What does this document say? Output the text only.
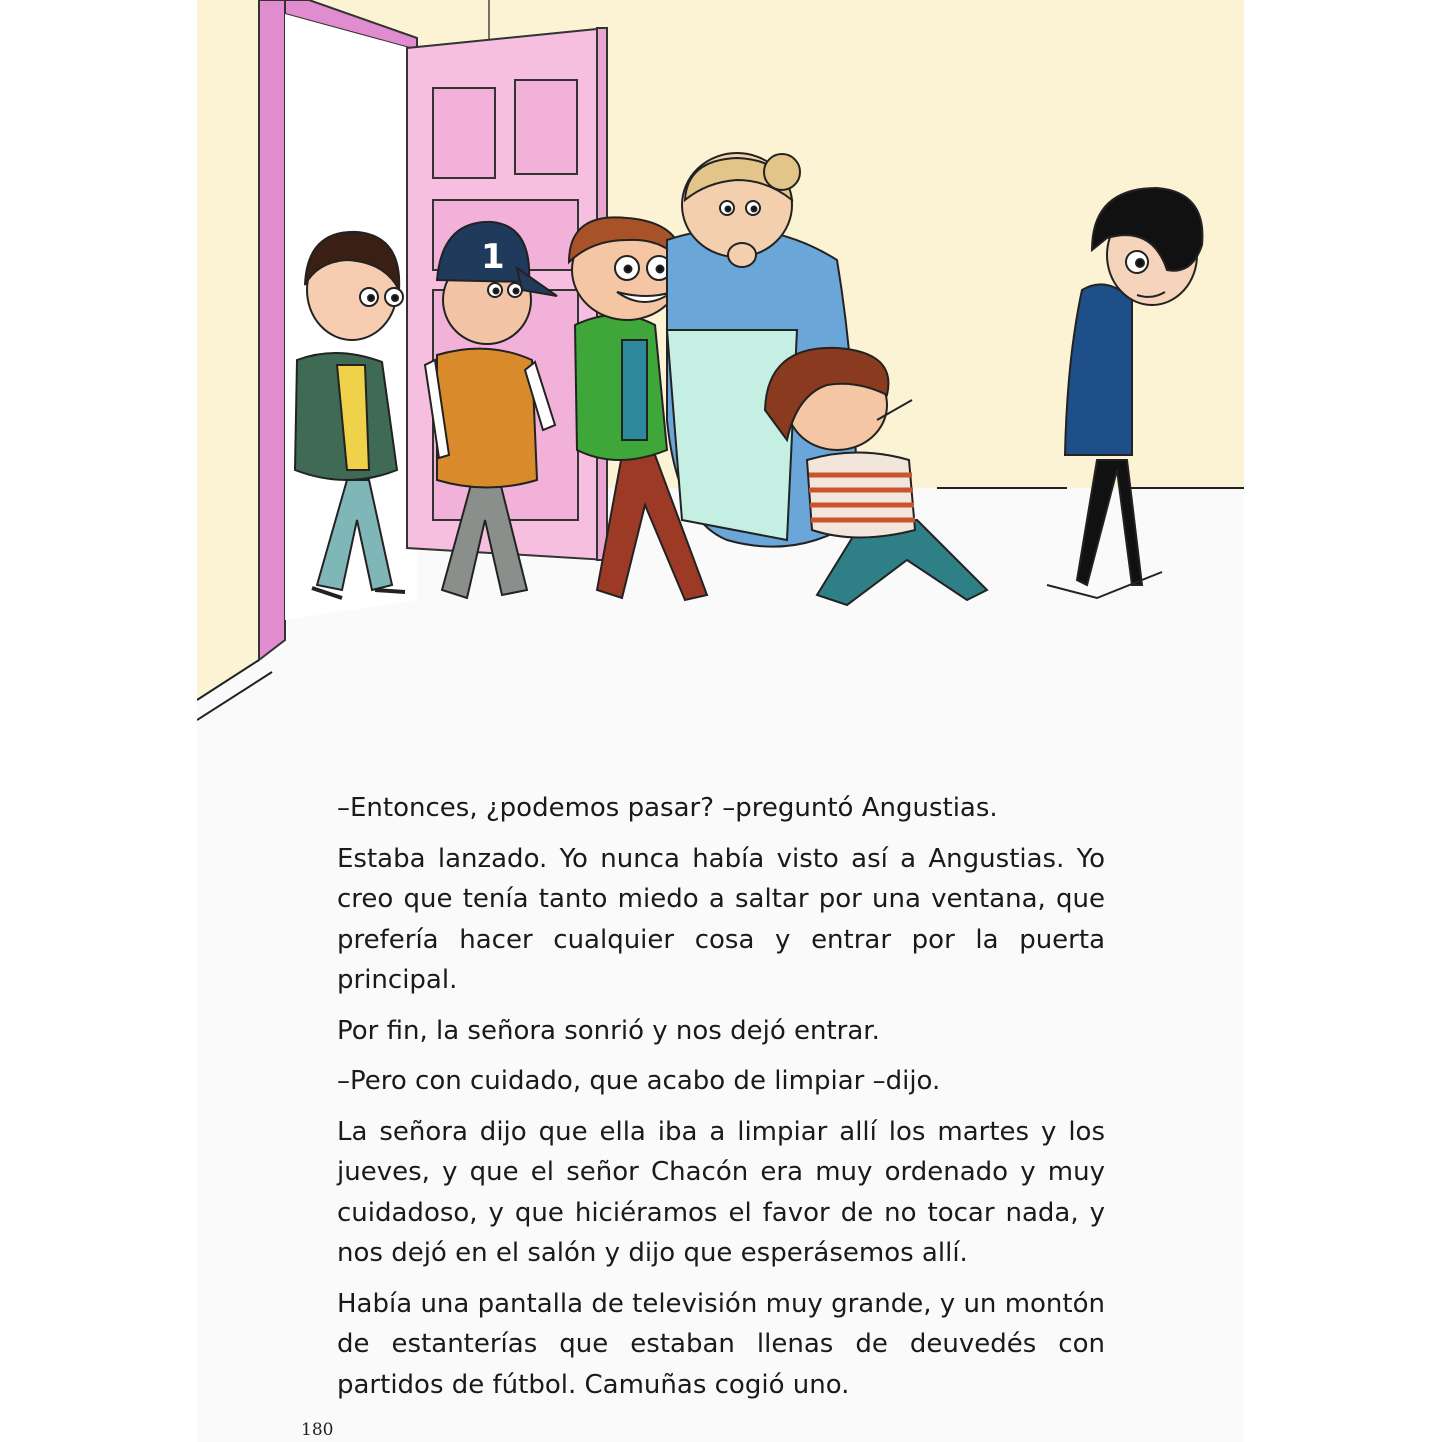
1

–Entonces, ¿podemos pasar? –preguntó Angustias.

Estaba lanzado. Yo nunca había visto así a Angustias. Yo creo que tenía tanto miedo a saltar por una ventana, que prefería hacer cualquier cosa y entrar por la puerta principal.

Por fin, la señora sonrió y nos dejó entrar.

–Pero con cuidado, que acabo de limpiar –dijo.

La señora dijo que ella iba a limpiar allí los martes y los jueves, y que el señor Chacón era muy ordenado y muy cuidadoso, y que hiciéramos el favor de no tocar nada, y nos dejó en el salón y dijo que esperásemos allí.

Había una pantalla de televisión muy grande, y un montón de estanterías que estaban llenas de deuvedés con partidos de fútbol. Camuñas cogió uno.

180
